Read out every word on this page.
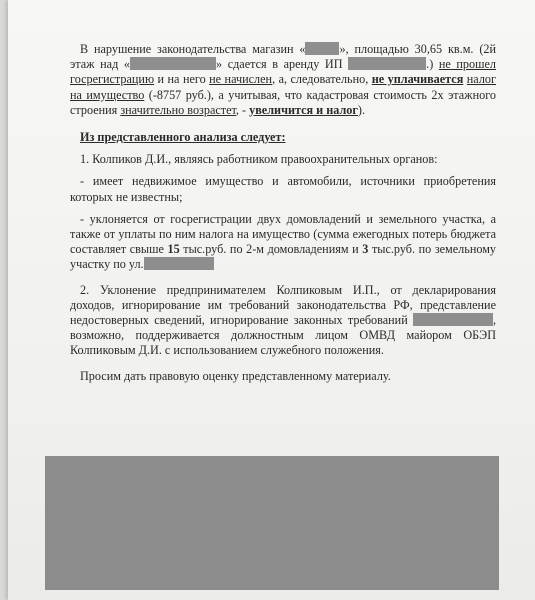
В нарушение законодательства магазин «	», площадью 30,65 кв.м. (2й этаж над «	» сдается в аренду ИП	.) не прошел госрегистрацию и на него не начислен, а, следовательно, не уплачивается налог на имущество (-8757 руб.), а учитывая, что кадастровая стоимость 2х этажного строения значительно возрастет, - увеличится и налог).
Из представленного анализа следует:
1. Колпиков Д.И., являясь работником правоохранительных органов:
- имеет недвижимое имущество и автомобили, источники приобретения которых не известны;
- уклоняется от госрегистрации двух домовладений и земельного участка, а также от уплаты по ним налога на имущество (сумма ежегодных потерь бюджета составляет свыше 15 тыс.руб. по 2-м домовладениям и 3 тыс.руб. по земельному участку по ул.
2. Уклонение предпринимателем Колпиковым И.П., от декларирования доходов, игнорирование им требований законодательства РФ, представление недостоверных сведений, игнорирование законных требований	, возможно, поддерживается должностным лицом ОМВД майором ОБЭП Колпиковым Д.И. с использованием служебного положения.
Просим дать правовую оценку представленному материалу.
